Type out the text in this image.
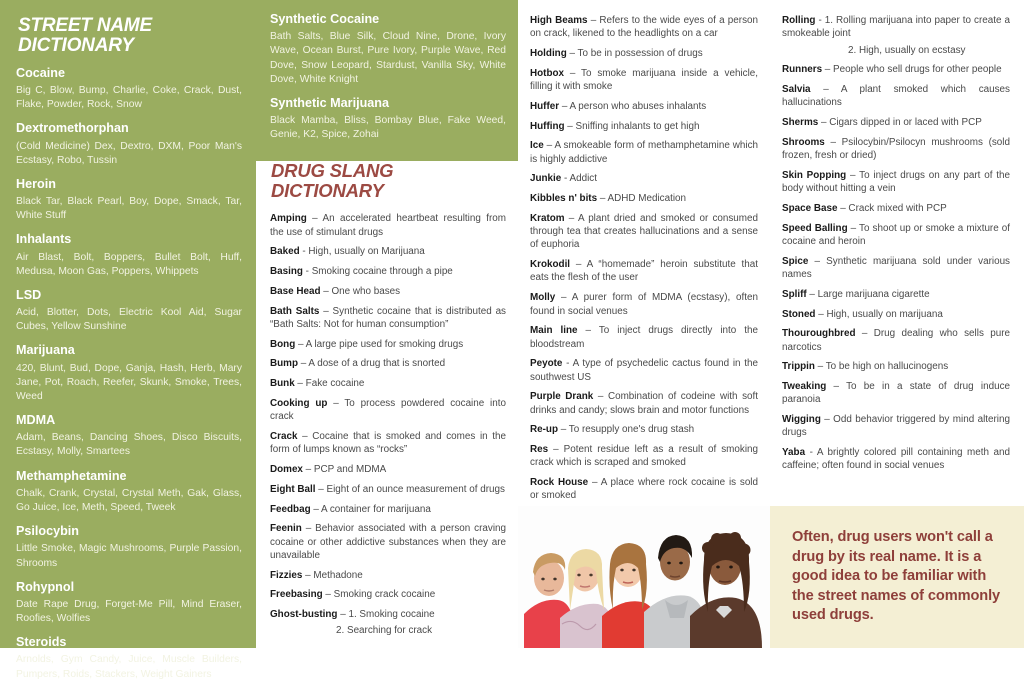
STREET NAME DICTIONARY
Cocaine
Big C, Blow, Bump, Charlie, Coke, Crack, Dust, Flake, Powder, Rock, Snow
Dextromethorphan
(Cold Medicine) Dex, Dextro, DXM, Poor Man's Ecstasy, Robo, Tussin
Heroin
Black Tar, Black Pearl, Boy, Dope, Smack, Tar, White Stuff
Inhalants
Air Blast, Bolt, Boppers, Bullet Bolt, Huff, Medusa, Moon Gas, Poppers, Whippets
LSD
Acid, Blotter, Dots, Electric Kool Aid, Sugar Cubes, Yellow Sunshine
Marijuana
420, Blunt, Bud, Dope, Ganja, Hash, Herb, Mary Jane, Pot, Roach, Reefer, Skunk, Smoke, Trees, Weed
MDMA
Adam, Beans, Dancing Shoes, Disco Biscuits, Ecstasy, Molly, Smartees
Methamphetamine
Chalk, Crank, Crystal, Crystal Meth, Gak, Glass, Go Juice, Ice, Meth, Speed, Tweek
Psilocybin
Little Smoke, Magic Mushrooms, Purple Passion, Shrooms
Rohypnol
Date Rape Drug, Forget-Me Pill, Mind Eraser, Roofies, Wolfies
Steroids
Arnolds, Gym Candy, Juice, Muscle Builders, Pumpers, Roids, Stackers, Weight Gainers
Synthetic Cocaine
Bath Salts, Blue Silk, Cloud Nine, Drone, Ivory Wave, Ocean Burst, Pure Ivory, Purple Wave, Red Dove, Snow Leopard, Stardust, Vanilla Sky, White Dove, White Knight
Synthetic Marijuana
Black Mamba, Bliss, Bombay Blue, Fake Weed, Genie, K2, Spice, Zohai
DRUG SLANG DICTIONARY
Amping – An accelerated heartbeat resulting from the use of stimulant drugs
Baked - High, usually on Marijuana
Basing - Smoking cocaine through a pipe
Base Head – One who bases
Bath Salts – Synthetic cocaine that is distributed as “Bath Salts: Not for human consumption”
Bong – A large pipe used for smoking drugs
Bump – A dose of a drug that is snorted
Bunk – Fake cocaine
Cooking up – To process powdered cocaine into crack
Crack – Cocaine that is smoked and comes in the form of lumps known as “rocks”
Domex – PCP and MDMA
Eight Ball – Eight of an ounce measurement of drugs
Feedbag – A container for marijuana
Feenin – Behavior associated with a person craving cocaine or other addictive substances when they are unavailable
Fizzies – Methadone
Freebasing – Smoking crack cocaine
Ghost-busting – 1. Smoking cocaine
2. Searching for crack
High Beams – Refers to the wide eyes of a person on crack, likened to the headlights on a car
Holding – To be in possession of drugs
Hotbox – To smoke marijuana inside a vehicle, filling it with smoke
Huffer – A person who abuses inhalants
Huffing – Sniffing inhalants to get high
Ice – A smokeable form of methamphetamine which is highly addictive
Junkie - Addict
Kibbles n' bits – ADHD Medication
Kratom – A plant dried and smoked or consumed through tea that creates hallucinations and a sense of euphoria
Krokodil – A “homemade” heroin substitute that eats the flesh of the user
Molly – A purer form of MDMA (ecstasy), often found in social venues
Main line – To inject drugs directly into the bloodstream
Peyote - A type of psychedelic cactus found in the southwest US
Purple Drank – Combination of codeine with soft drinks and candy; slows brain and motor functions
Re-up – To resupply one's drug stash
Res – Potent residue left as a result of smoking crack which is scraped and smoked
Rock House – A place where rock cocaine is sold or smoked
Rolling - 1. Rolling marijuana into paper to create a smokeable joint
2. High, usually on ecstasy
Runners – People who sell drugs for other people
Salvia – A plant smoked which causes hallucinations
Sherms – Cigars dipped in or laced with PCP
Shrooms – Psilocybin/Psilocyn mushrooms (sold frozen, fresh or dried)
Skin Popping – To inject drugs on any part of the body without hitting a vein
Space Base – Crack mixed with PCP
Speed Balling – To shoot up or smoke a mixture of cocaine and heroin
Spice – Synthetic marijuana sold under various names
Spliff – Large marijuana cigarette
Stoned – High, usually on marijuana
Thouroughbred – Drug dealing who sells pure narcotics
Trippin – To be high on hallucinogens
Tweaking – To be in a state of drug induce paranoia
Wigging – Odd behavior triggered by mind altering drugs
Yaba - A brightly colored pill containing meth and caffeine; often found in social venues
Often, drug users won't call a drug by its real name. It is a good idea to be familiar with the street names of commonly used drugs.
